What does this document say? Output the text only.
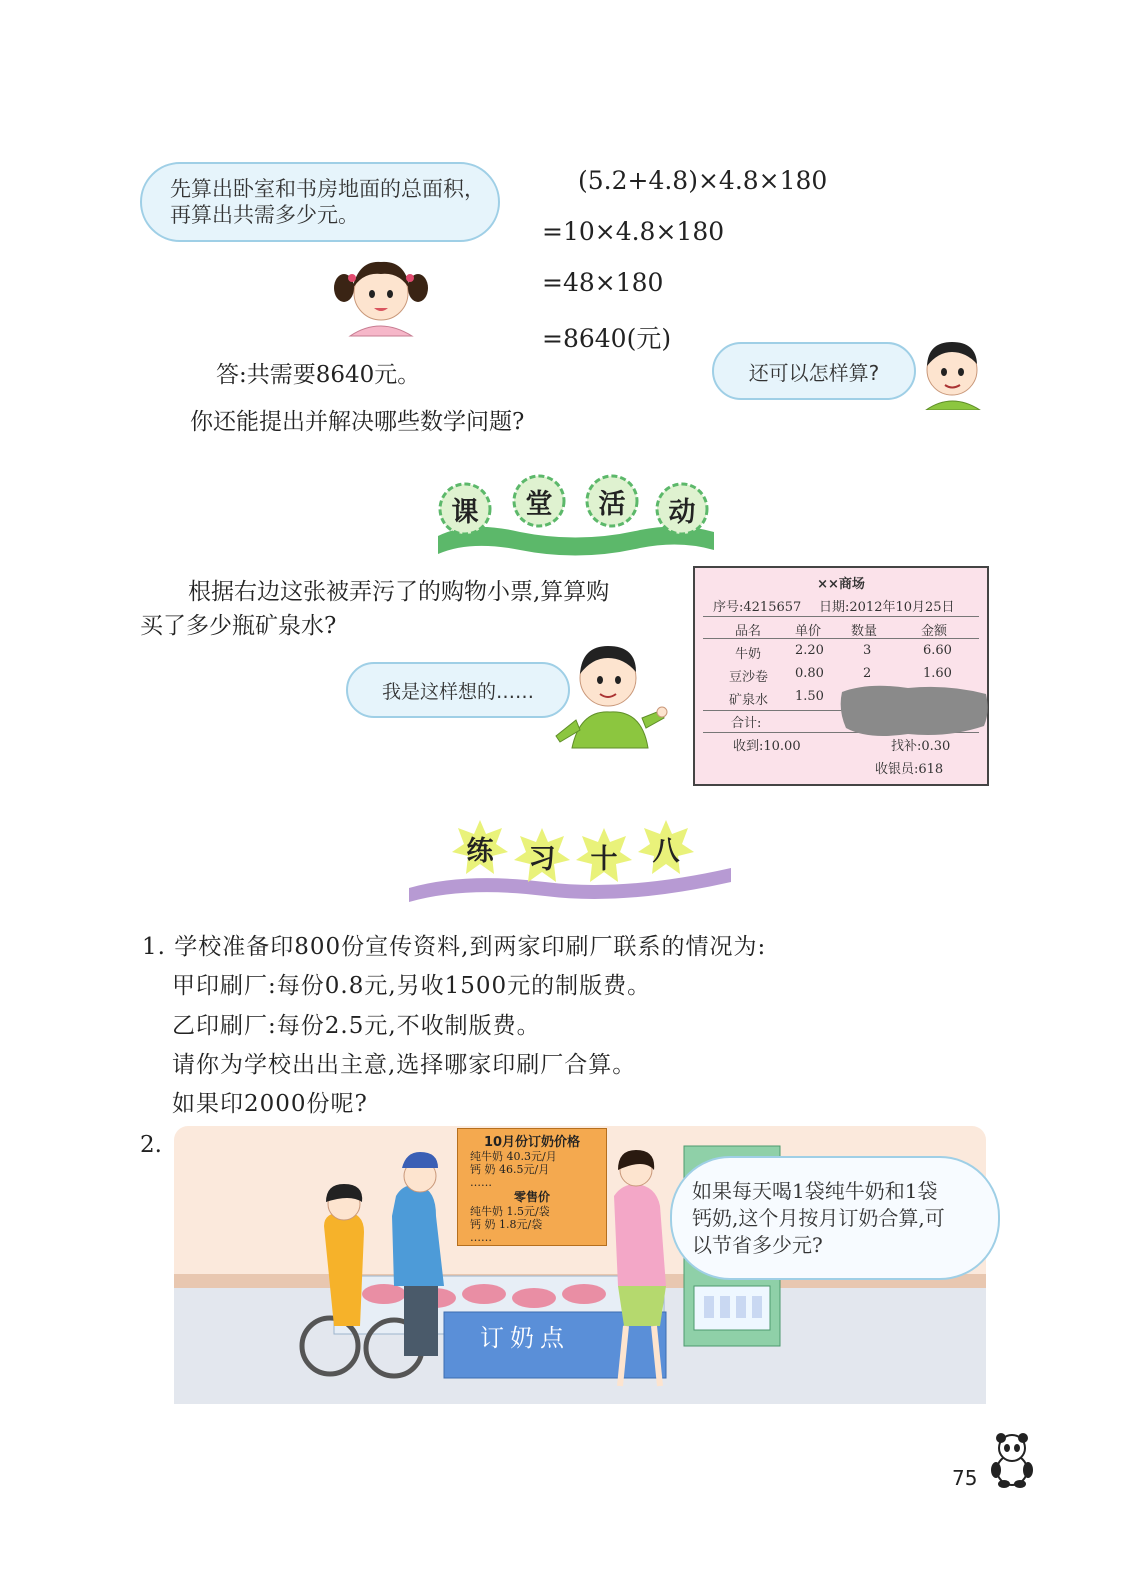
先算出卧室和书房地面的总面积，
再算出共需多少元。
(5.2+4.8)×4.8×180
=10×4.8×180
=48×180
=8640(元)
答:共需要8640元。	还可以怎样算?
你还能提出并解决哪些数学问题?
课	堂	活	动
根据右边这张被弄污了的购物小票,算算购
买了多少瓶矿泉水?
我是这样想的……
××商场
序号:4215657 日期:2012年10月25日
品名	单价 数量	金额
牛奶	2.20	3	6.60
豆沙卷 0.80	2	1.60
矿泉水 1.50
合计:
收到:10.00	找补:0.30
收银员:618
练	习	十	八
1. 学校准备印800份宣传资料,到两家印刷厂联系的情况为:
甲印刷厂:每份0.8元,另收1500元的制版费。
乙印刷厂:每份2.5元,不收制版费。
请你为学校出出主意,选择哪家印刷厂合算。
如果印2000份呢?
2.	10月份订奶价格
纯牛奶 40.3元/月
钙 奶 46.5元/月
……
零售价
纯牛奶 1.5元/袋
钙 奶 1.8元/袋
……
订奶点
如果每天喝1袋纯牛奶和1袋
钙奶,这个月按月订奶合算,可
以节省多少元?
75
